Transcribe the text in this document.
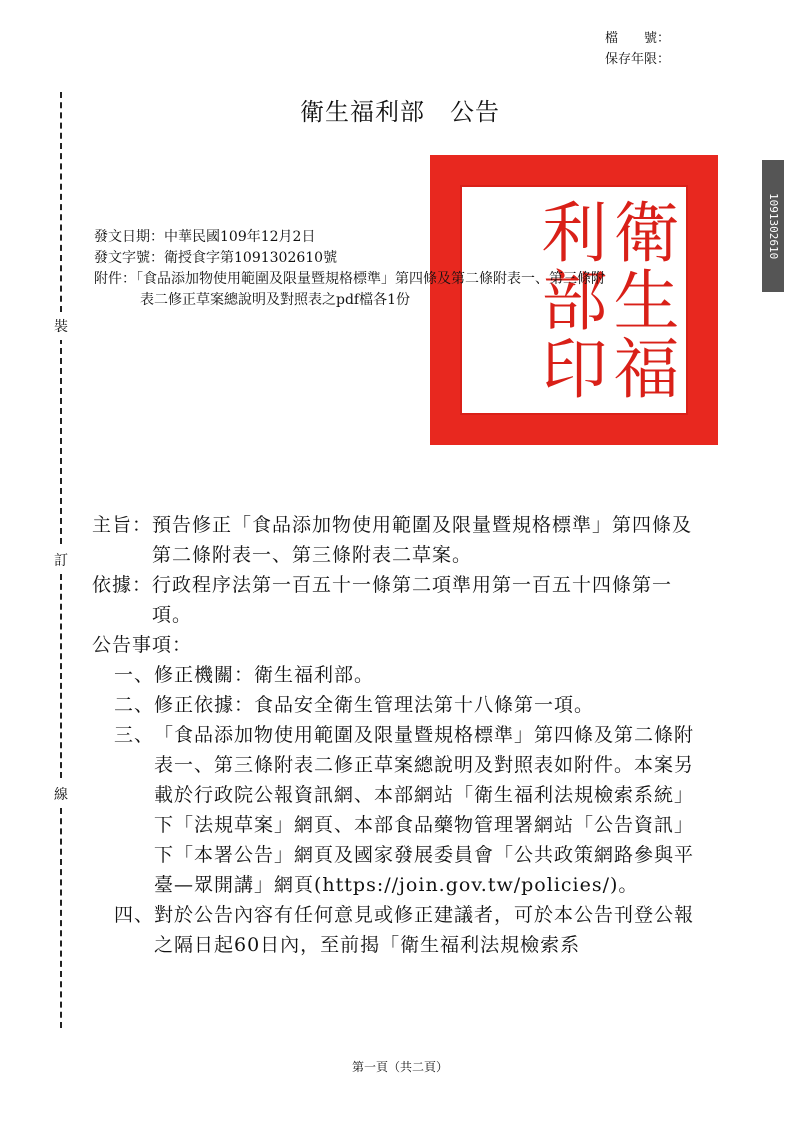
檔　　號：
保存年限：
裝
訂
線
衛生福利部　公告
衛生福利部印	1091302610
發文日期：中華民國109年12月2日
發文字號：衛授食字第1091302610號
附件：「食品添加物使用範圍及限量暨規格標準」第四條及第二條附表一、第三條附
表二修正草案總說明及對照表之pdf檔各1份
主旨： 預告修正「食品添加物使用範圍及限量暨規格標準」第四條及第二條附表一、第三條附表二草案。
依據： 行政程序法第一百五十一條第二項準用第一百五十四條第一項。
公告事項：
一、 修正機關：衛生福利部。
二、 修正依據：食品安全衛生管理法第十八條第一項。
三、 「食品添加物使用範圍及限量暨規格標準」第四條及第二條附表一、第三條附表二修正草案總說明及對照表如附件。本案另載於行政院公報資訊網、本部網站「衛生福利法規檢索系統」下「法規草案」網頁、本部食品藥物管理署網站「公告資訊」下「本署公告」網頁及國家發展委員會「公共政策網路參與平臺—眾開講」網頁(https://join.gov.tw/policies/)。
四、 對於公告內容有任何意見或修正建議者，可於本公告刊登公報之隔日起60日內，至前揭「衛生福利法規檢索系
第一頁（共二頁）
